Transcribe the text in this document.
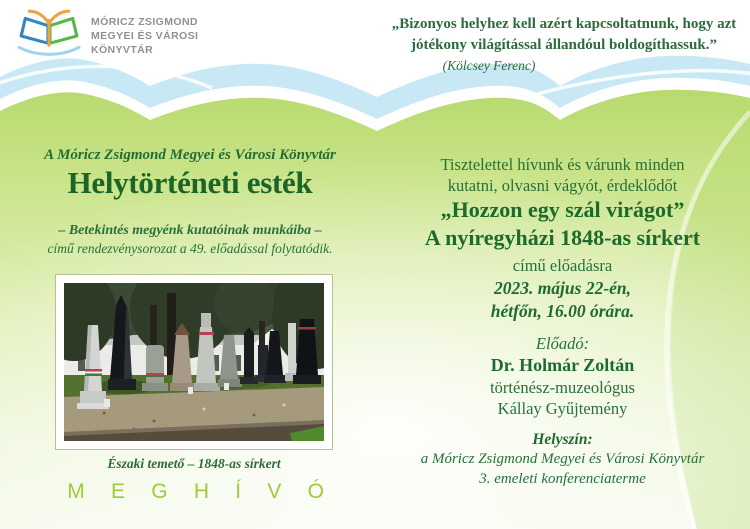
MÓRICZ ZSIGMOND
MEGYEI ÉS VÁROSI
KÖNYVTÁR
„Bizonyos helyhez kell azért kapcsoltatnunk, hogy azt
jótékony világítással állandóul boldogíthassuk.”
(Kölcsey Ferenc)
A Móricz Zsigmond Megyei és Városi Könyvtár
Helytörténeti esték
– Betekintés megyénk kutatóinak munkáiba –
című rendezvénysorozat a 49. előadással folytatódik.
Északi temető – 1848-as sírkert
MEGHÍVÓ
Tisztelettel hívunk és várunk minden
kutatni, olvasni vágyót, érdeklődőt
„Hozzon egy szál virágot”
A nyíregyházi 1848-as sírkert
című előadásra
2023. május 22-én,
hétfőn, 16.00 órára.
Előadó:
Dr. Holmár Zoltán
történész-muzeológus
Kállay Gyűjtemény
Helyszín:
a Móricz Zsigmond Megyei és Városi Könyvtár
3. emeleti konferenciaterme
